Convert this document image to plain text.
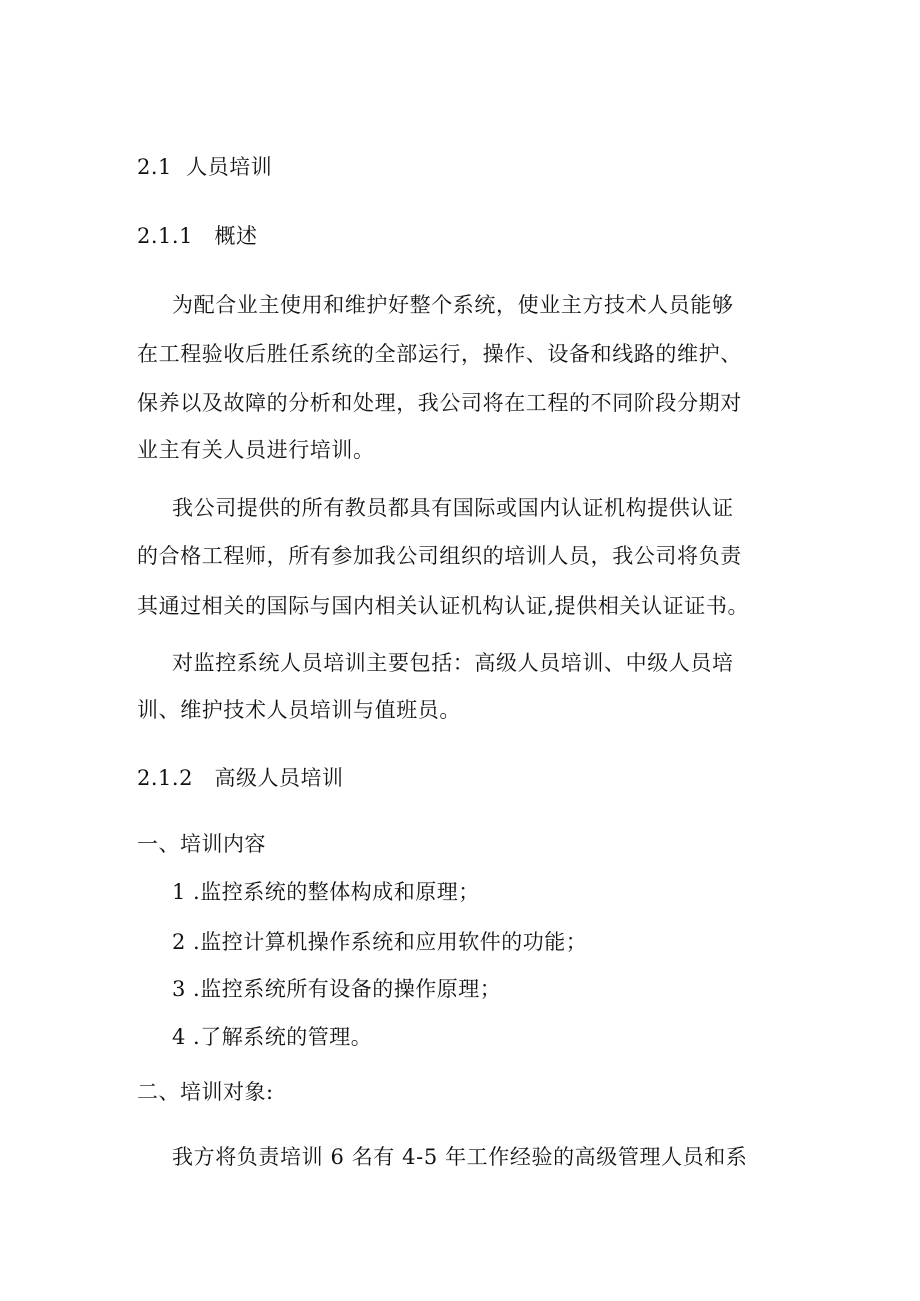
2.1 人员培训
2.1.1 概述

为配合业主使用和维护好整个系统，使业主方技术人员能够

在工程验收后胜任系统的全部运行，操作、设备和线路的维护、

保养以及故障的分析和处理，我公司将在工程的不同阶段分期对

业主有关人员进行培训。

我公司提供的所有教员都具有国际或国内认证机构提供认证

的合格工程师，所有参加我公司组织的培训人员，我公司将负责

其通过相关的国际与国内相关认证机构认证,提供相关认证证书。

对监控系统人员培训主要包括：高级人员培训、中级人员培

训、维护技术人员培训与值班员。

2.1.2 高级人员培训
一、培训内容

1 .监控系统的整体构成和原理；

2 .监控计算机操作系统和应用软件的功能；

3 .监控系统所有设备的操作原理；

4 .了解系统的管理。

二、培训对象:

我方将负责培训 6 名有 4-5 年工作经验的高级管理人员和系
